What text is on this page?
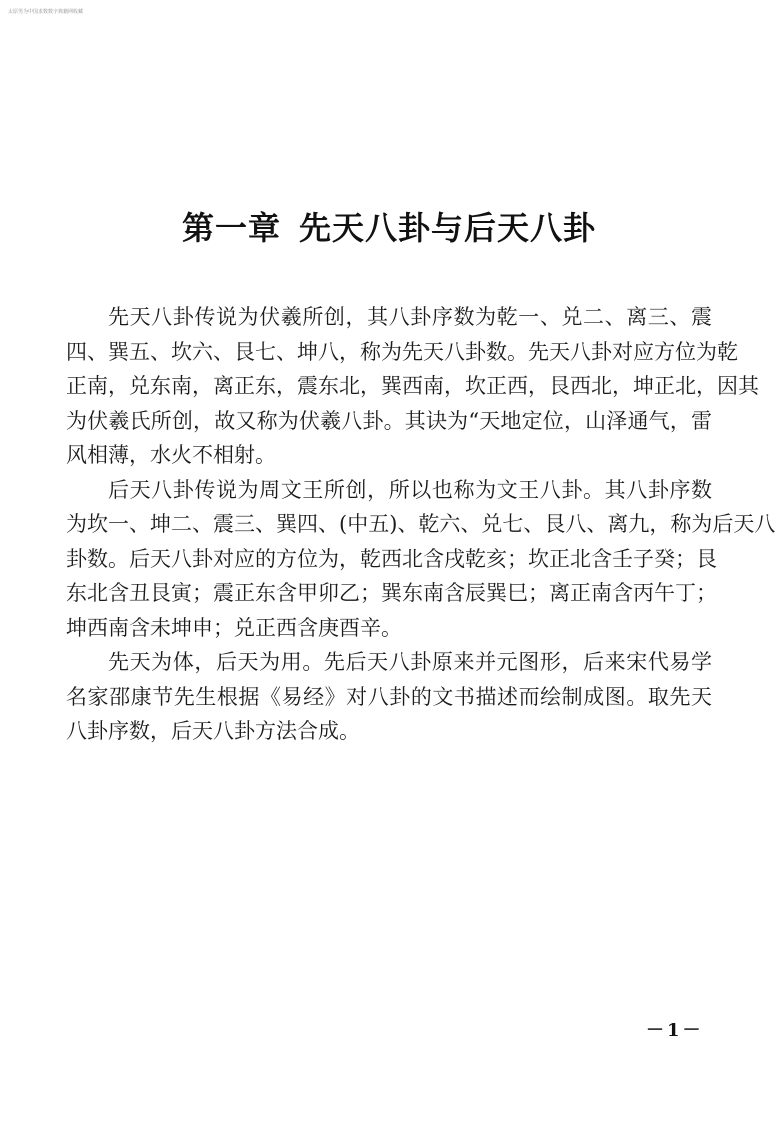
太原男为中国求数数字典籍网收藏
第一章 先天八卦与后天八卦
先天八卦传说为伏羲所创，其八卦序数为乾一、兑二、离三、震
四、巽五、坎六、艮七、坤八，称为先天八卦数。先天八卦对应方位为乾
正南，兑东南，离正东，震东北，巽西南，坎正西，艮西北，坤正北，因其
为伏羲氏所创，故又称为伏羲八卦。其诀为“天地定位，山泽通气，雷
风相薄，水火不相射。
后天八卦传说为周文王所创，所以也称为文王八卦。其八卦序数
为坎一、坤二、震三、巽四、(中五)、乾六、兑七、艮八、离九，称为后天八
卦数。后天八卦对应的方位为，乾西北含戌乾亥；坎正北含壬子癸；艮
东北含丑艮寅；震正东含甲卯乙；巽东南含辰巽巳；离正南含丙午丁；
坤西南含未坤申；兑正西含庚酉辛。
先天为体，后天为用。先后天八卦原来并元图形，后来宋代易学
名家邵康节先生根据《易经》对八卦的文书描述而绘制成图。取先天
八卦序数，后天八卦方法合成。
－1－
